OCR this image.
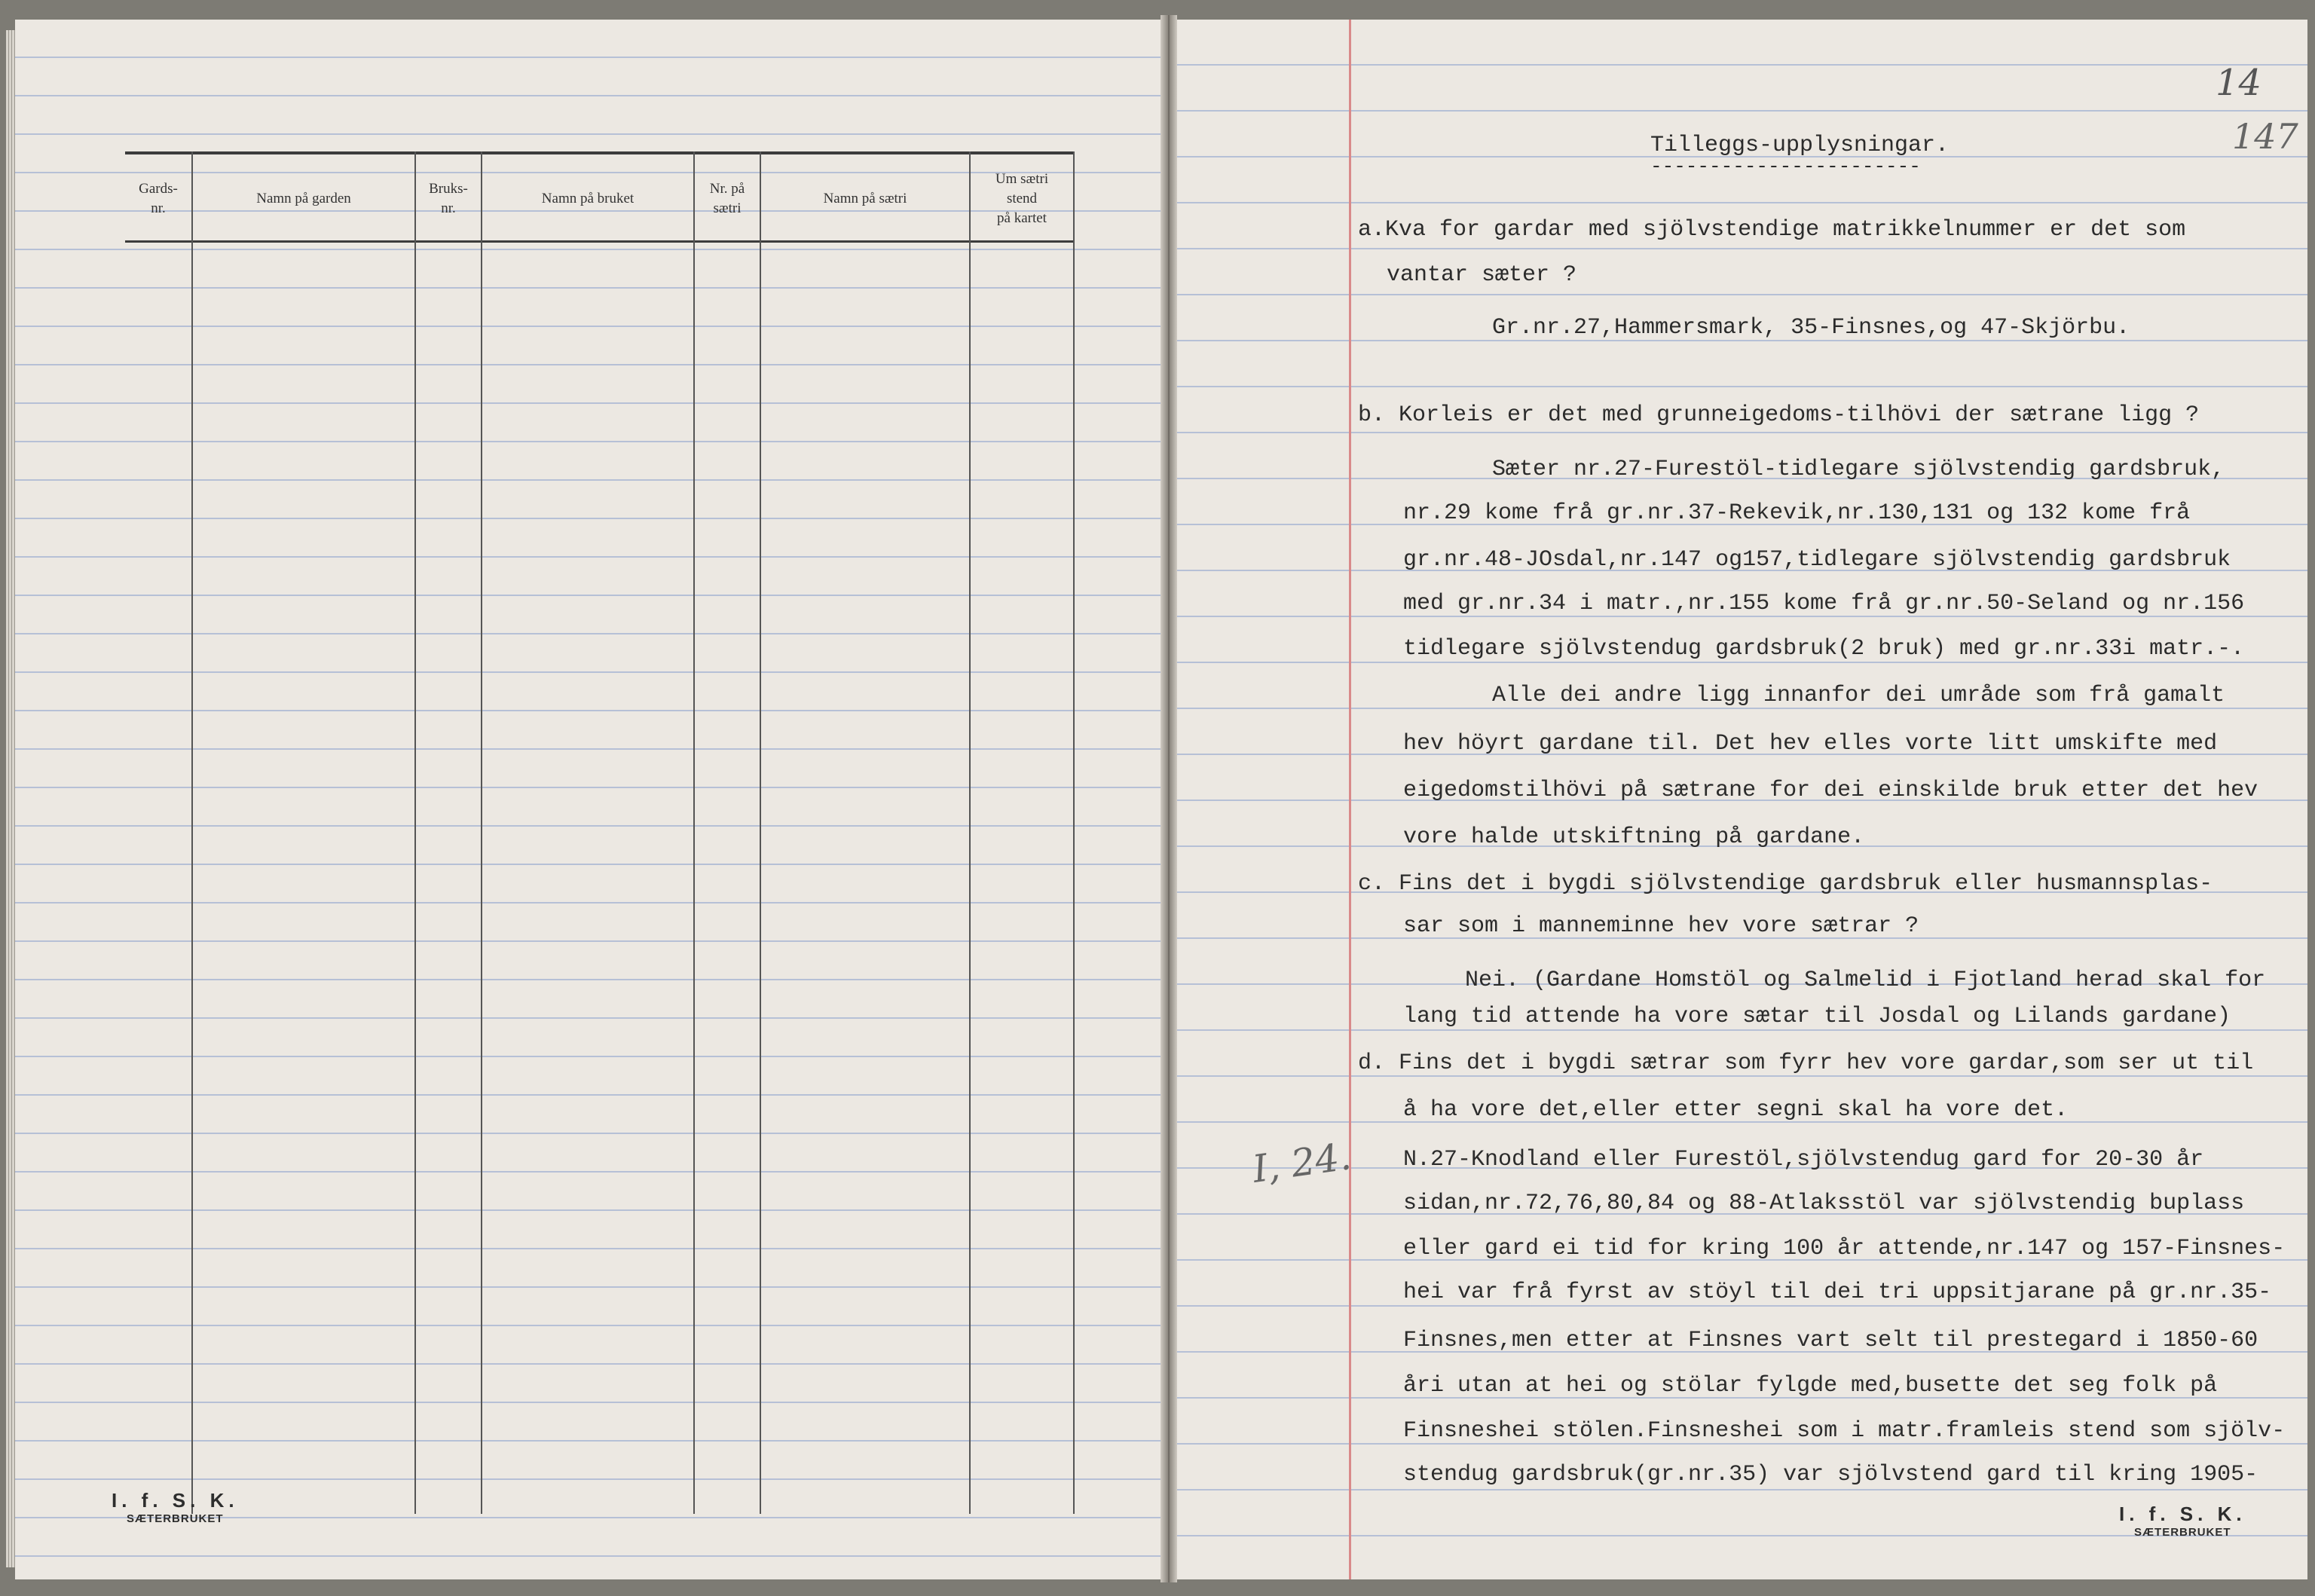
Gards-
nr.
Namn på garden
Bruks-
nr.
Namn på bruket
Nr. på
sætri
Namn på sætri
Um sætri
stend
på kartet
I. f. S. K.
SÆTERBRUKET
14
147
Tilleggs-upplysningar.
-----------------------
a.Kva for gardar med sjölvstendige matrikkelnummer er det som
vantar sæter ?
Gr.nr.27,Hammersmark, 35-Finsnes,og 47-Skjörbu.
b. Korleis er det med grunneigedoms-tilhövi der sætrane ligg ?
Sæter nr.27-Furestöl-tidlegare sjölvstendig gardsbruk,
nr.29 kome frå gr.nr.37-Rekevik,nr.130,131 og 132 kome frå
gr.nr.48-JOsdal,nr.147 og157,tidlegare sjölvstendig gardsbruk
med gr.nr.34 i matr.,nr.155 kome frå gr.nr.50-Seland og nr.156
tidlegare sjölvstendug gardsbruk(2 bruk) med gr.nr.33i matr.-.
Alle dei andre ligg innanfor dei umråde som frå gamalt
hev höyrt gardane til. Det hev elles vorte litt umskifte med
eigedomstilhövi på sætrane for dei einskilde bruk etter det hev
vore halde utskiftning på gardane.
c. Fins det i bygdi sjölvstendige gardsbruk eller husmannsplas-
sar som i manneminne hev vore sætrar ?
Nei. (Gardane Homstöl og Salmelid i Fjotland herad skal for
lang tid attende ha vore sætar til Josdal og Lilands gardane)
d. Fins det i bygdi sætrar som fyrr hev vore gardar,som ser ut til
å ha vore det,eller etter segni skal ha vore det.
I, 24. N.27-Knodland eller Furestöl,sjölvstendug gard for 20-30 år
sidan,nr.72,76,80,84 og 88-Atlaksstöl var sjölvstendig buplass
eller gard ei tid for kring 100 år attende,nr.147 og 157-Finsnes-
hei var frå fyrst av stöyl til dei tri uppsitjarane på gr.nr.35-
Finsnes,men etter at Finsnes vart selt til prestegard i 1850-60
åri utan at hei og stölar fylgde med,busette det seg folk på
Finsneshei stölen.Finsneshei som i matr.framleis stend som sjölv-
stendug gardsbruk(gr.nr.35) var sjölvstend gard til kring 1905-
I. f. S. K.
SÆTERBRUKET
